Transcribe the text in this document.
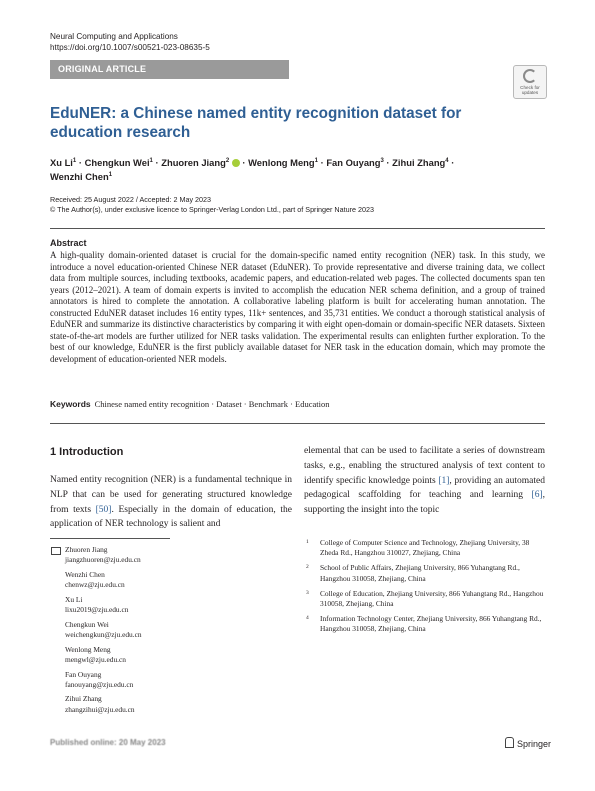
Neural Computing and Applications
https://doi.org/10.1007/s00521-023-08635-5
ORIGINAL ARTICLE
Check for
updates
EduNER: a Chinese named entity recognition dataset for education research
Xu $Li^1$ · Chengkun Wei$^1$ · Zhuoren Jiang$^2$  · Wenlong Meng$^1$ · Fan Ouyang$^3$ · Zihui Zhang$^4$ ·
Wenzhi Chen$^1$
Received: 25 August 2022 / Accepted: 2 May 2023
© The Author(s), under exclusive licence to Springer-Verlag London Ltd., part of Springer Nature 2023
Abstract
A high-quality domain-oriented dataset is crucial for the domain-specific named entity recognition (NER) task. In this study, we introduce a novel education-oriented Chinese NER dataset (EduNER). To provide representative and diverse training data, we collect data from multiple sources, including textbooks, academic papers, and education-related web pages. The collected documents span ten years (2012–2021). A team of domain experts is invited to accomplish the education NER schema definition, and a group of trained annotators is hired to complete the annotation. A collaborative labeling platform is built for accelerating human annotation. The constructed EduNER dataset includes 16 entity types, 11k+ sentences, and 35,731 entities. We conduct a thorough statistical analysis of EduNER and summarize its distinctive characteristics by comparing it with eight open-domain or domain-specific NER datasets. Sixteen state-of-the-art models are further utilized for NER tasks validation. The experimental results can enlighten further exploration. To the best of our knowledge, EduNER is the first publicly available dataset for NER task in the education domain, which may promote the development of education-oriented NER models.
Keywords Chinese named entity recognition · Dataset · Benchmark · Education
1 Introduction
Named entity recognition (NER) is a fundamental technique in NLP that can be used for generating structured knowledge from texts [50]. Especially in the domain of education, the application of NER technology is salient and
elemental that can be used to facilitate a series of downstream tasks, e.g., enabling the structured analysis of text content to identify specific knowledge points [1], providing an automated pedagogical scaffolding for teaching and learning [6], supporting the insight into the topic
Zhuoren Jiang
jiangzhuoren@zju.edu.cn
Wenzhi Chen
chenwz@zju.edu.cn
Xu Li
lixu2019@zju.edu.cn
Chengkun Wei
weichengkun@zju.edu.cn
Wenlong Meng
mengwl@zju.edu.cn
Fan Ouyang
fanouyang@zju.edu.cn
Zihui Zhang
zhangzihui@zju.edu.cn
1 College of Computer Science and Technology, Zhejiang University, 38 Zheda Rd., Hangzhou 310027, Zhejiang, China
2 School of Public Affairs, Zhejiang University, 866 Yuhangtang Rd., Hangzhou 310058, Zhejiang, China
3 College of Education, Zhejiang University, 866 Yuhangtang Rd., Hangzhou 310058, Zhejiang, China
4 Information Technology Center, Zhejiang University, 866 Yuhangtang Rd., Hangzhou 310058, Zhejiang, China
Published online: 20 May 2023	Springer
